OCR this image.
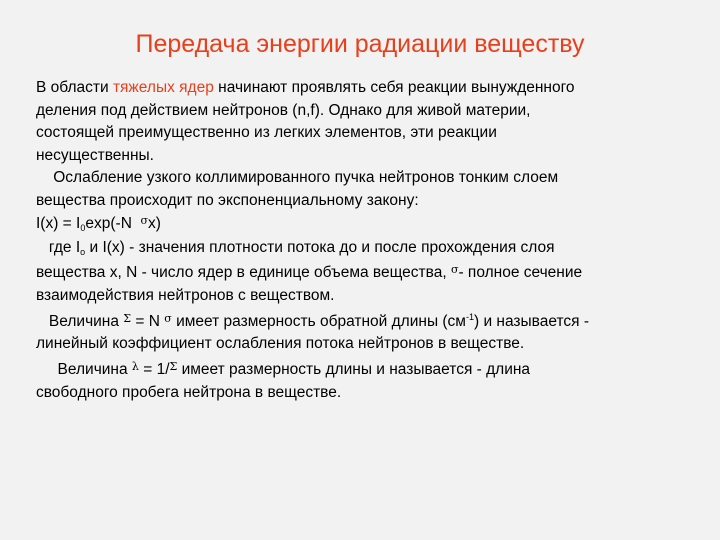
Передача энергии радиации веществу
В области тяжелых ядер начинают проявлять себя реакции вынужденного
деления под действием нейтронов (n,f). Однако для живой материи,
состоящей преимущественно из легких элементов, эти реакции
несущественны.
Ослабление узкого коллимированного пучка нейтронов тонким слоем
вещества происходит по экспоненциальному закону:
$I(x) = I_0\exp(-N$  σx)
где $I_o$ и I(x) - значения плотности потока до и после прохождения слоя
вещества x, N - число ядер в единице объема вещества, σ- полное сечение
взаимодействия нейтронов с веществом.
Величина Σ = N σ имеет размерность обратной длины $(см^{-1})$ и называется -
линейный коэффициент ослабления потока нейтронов в веществе.
Величина λ = 1/Σ имеет размерность длины и называется - длина
свободного пробега нейтрона в веществе.
